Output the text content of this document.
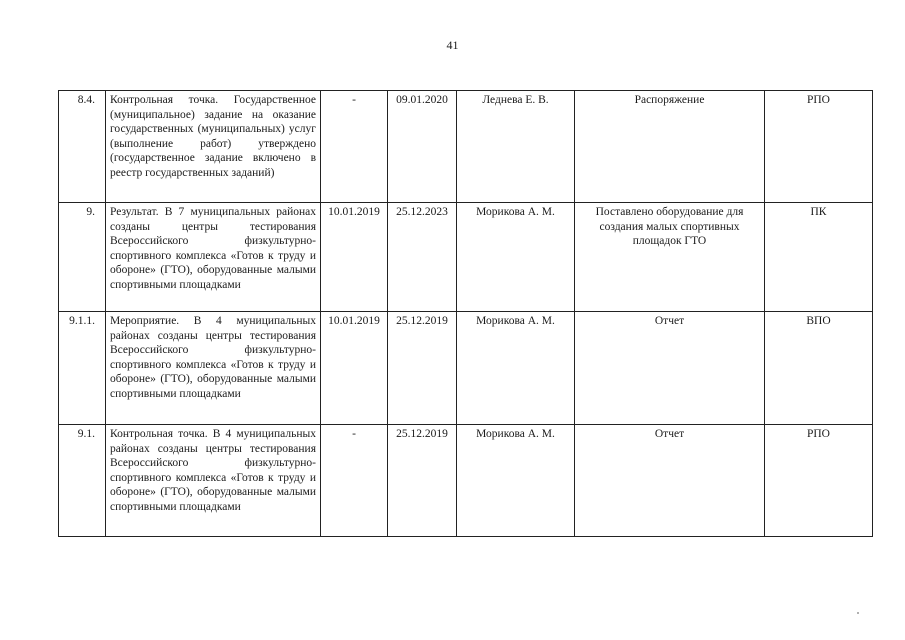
41
8.4.	Контрольная точка. Государственное (муниципальное) задание на оказание государственных (муниципальных) услуг (выполнение работ) утверждено (государственное задание включено в реестр государственных заданий)	-	09.01.2020	Леднева Е. В.	Распоряжение	РПО
9.	Результат. В 7 муниципальных районах созданы центры тестирования Всероссийского физкультурно-спортивного комплекса «Готов к труду и обороне» (ГТО), оборудованные малыми спортивными площадками	10.01.2019	25.12.2023	Морикова А. М.	Поставлено оборудование для создания малых спортивных площадок ГТО	ПК
9.1.1.	Мероприятие. В 4 муниципальных районах созданы центры тестирования Всероссийского физкультурно-спортивного комплекса «Готов к труду и обороне» (ГТО), оборудованные малыми спортивными площадками	10.01.2019	25.12.2019	Морикова А. М.	Отчет	ВПО
9.1.	Контрольная точка. В 4 муниципальных районах созданы центры тестирования Всероссийского физкультурно-спортивного комплекса «Готов к труду и обороне» (ГТО), оборудованные малыми спортивными площадками	-	25.12.2019	Морикова А. М.	Отчет	РПО
